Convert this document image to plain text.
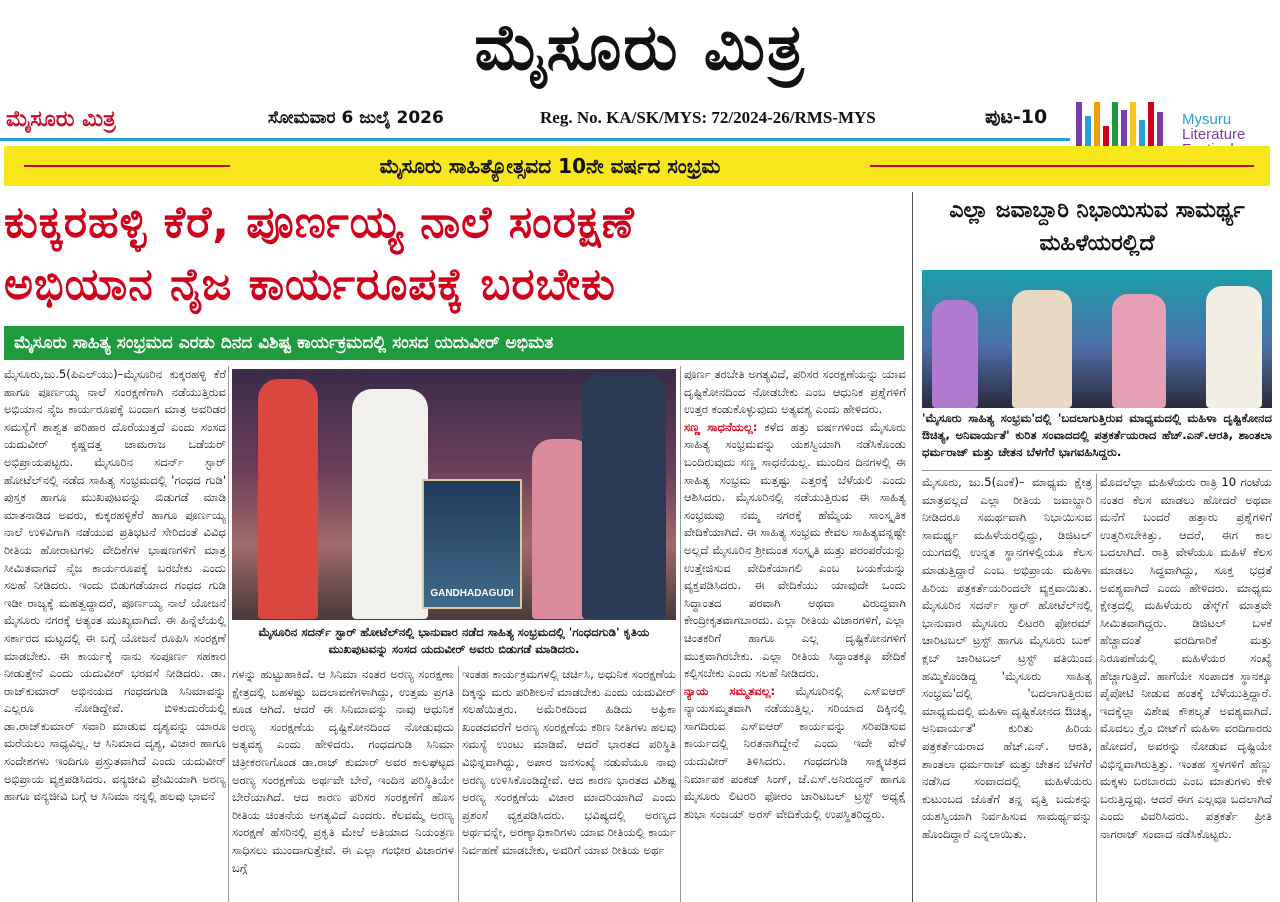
ಮೈಸೂರು ಮಿತ್ರ
ಮೈಸೂರು ಮಿತ್ರ	ಸೋಮವಾರ 6 ಜುಲೈ 2026	Reg. No. KA/SK/MYS: 72/2024-26/RMS-MYS	ಪುಟ-10	Mysuru
Literature
ಮೈಸೂರು ಸಾಹಿತ್ಯೋತ್ಸವದ 10ನೇ ವರ್ಷದ ಸಂಭ್ರಮ
ಕುಕ್ಕರಹಳ್ಳಿ ಕೆರೆ, ಪೂರ್ಣಯ್ಯ ನಾಲೆ ಸಂರಕ್ಷಣೆ
ಅಭಿಯಾನ ನೈಜ ಕಾರ್ಯರೂಪಕ್ಕೆ ಬರಬೇಕು
ಮೈಸೂರು ಸಾಹಿತ್ಯ ಸಂಭ್ರಮದ ಎರಡು ದಿನದ ವಿಶಿಷ್ಟ ಕಾರ್ಯಕ್ರಮದಲ್ಲಿ ಸಂಸದ ಯದುವೀರ್ ಅಭಿಮತ

ಮೈಸೂರು,ಜು.5(ಪಿಎಲ್‌ಯು)–ಮೈಸೂರಿನ ಕುಕ್ಕರಹಳ್ಳಿ ಕೆರೆ ಹಾಗೂ ಪೂರ್ಣಯ್ಯ ನಾಲೆ ಸಂರಕ್ಷಣೆಗಾಗಿ ನಡೆಯುತ್ತಿರುವ ಅಭಿಯಾನ ನೈಜ ಕಾರ್ಯರೂಪಕ್ಕೆ ಬಂದಾಗ ಮಾತ್ರ ಅವರಿಡರ ಸಮಸ್ಯೆಗೆ ಶಾಶ್ವತ ಪರಿಹಾರ ದೊರೆಯುತ್ತದೆ ಎಂದು ಸಂಸದ ಯದುವೀರ್ ಕೃಷ್ಣದತ್ತ ಚಾಮರಾಜ ಒಡೆಯರ್ ಅಭಿಪ್ರಾಯಪಟ್ಟರು. ಮೈಸೂರಿನ ಸದರ್ನ್ ಸ್ಟಾರ್ ಹೋಟೆಲ್‌ನಲ್ಲಿ ನಡೆದ ಸಾಹಿತ್ಯ ಸಂಭ್ರಮದಲ್ಲಿ 'ಗಂಧದ ಗುಡಿ' ಪುಸ್ತಕ ಹಾಗೂ ಮುಖಪುಟವನ್ನು ಬಿಡುಗಡೆ ಮಾಡಿ ಮಾತನಾಡಿದ ಅವರು, ಕುಕ್ಕರಹಳ್ಳಿಕೆರೆ ಹಾಗೂ ಪೂರ್ಣಯ್ಯ ನಾಲೆ ಉಳಿವಿಗಾಗಿ ನಡೆಯುವ ಪ್ರತಿಭಟನೆ ಸೇರಿದಂತೆ ವಿವಿಧ ರೀತಿಯ ಹೋರಾಟಗಳು ವೇದಿಕೆಗಳ ಭಾಷಣಗಳಿಗೆ ಮಾತ್ರ ಸೀಮಿತವಾಗದೆ ನೈಜ ಕಾರ್ಯರೂಪಕ್ಕೆ ಬರಬೇಕು ಎಂದು ಸಲಹೆ ನೀಡಿದರು. ಇಂದು ಬಿಡುಗಡೆಯಾದ ಗಂಧದ ಗುಡಿ ಇಡೀ ರಾಜ್ಯಕ್ಕೆ ಮಹತ್ವದ್ದಾದರೆ, ಪೂರ್ಣಯ್ಯ ನಾಲೆ ಯೋಜನೆ ಮೈಸೂರು ನಗರಕ್ಕೆ ಅತ್ಯಂತ ಮುಖ್ಯವಾಗಿದೆ. ಈ ಹಿನ್ನೆಲೆಯಲ್ಲಿ ಸರ್ಕಾರದ ಮಟ್ಟದಲ್ಲಿ ಈ ಬಗ್ಗೆ ಯೋಜನೆ ರೂಪಿಸಿ ಸಂರಕ್ಷಣೆ ಮಾಡಬೇಕು. ಈ ಕಾರ್ಯಕ್ಕೆ ನಾನು ಸಂಪೂರ್ಣ ಸಹಕಾರ ನೀಡುತ್ತೇನೆ ಎಂದು ಯದುವೀರ್ ಭರವಸೆ ನೀಡಿದರು. ಡಾ. ರಾಜ್‌ಕುಮಾರ್ ಅಭಿನಯದ ಗಂಧದಗುಡಿ ಸಿನಿಮಾವನ್ನು ಎಲ್ಲರೂ ನೋಡಿದ್ದೇವೆ. ಬಿಳಿಕುದುರೆಯಲ್ಲಿ ಡಾ.ರಾಜ್‌ಕುಮಾರ್ ಸವಾರಿ ಮಾಡುವ ದೃಶ್ಯವನ್ನು ಯಾರೂ ಮರೆಯಲು ಸಾಧ್ಯವಿಲ್ಲ. ಆ ಸಿನಿಮಾದ ದೃಶ್ಯ, ವಿಚಾರ ಹಾಗೂ ಸಂದೇಶಗಳು ಇಂದಿಗೂ ಪ್ರಸ್ತುತವಾಗಿದೆ ಎಂದು ಯದುವೀರ್ ಅಭಿಪ್ರಾಯ ವ್ಯಕ್ತಪಡಿಸಿದರು. ವನ್ಯಜೀವಿ ಪ್ರೇಮಿಯಾಗಿ ಅರಣ್ಯ ಹಾಗೂ ವನ್ಯಜೀವಿ ಬಗ್ಗೆ ಆ ಸಿನಿಮಾ ನನ್ನಲ್ಲಿ ಹಲವು ಭಾವನೆ

GANDHADAGUDI
ಮೈಸೂರಿನ ಸದರ್ನ್ ಸ್ಟಾರ್ ಹೋಟೆಲ್‌ನಲ್ಲಿ ಭಾನುವಾರ ನಡೆದ ಸಾಹಿತ್ಯ ಸಂಭ್ರಮದಲ್ಲಿ 'ಗಂಧದಗುಡಿ' ಕೃತಿಯ ಮುಖಪುಟವನ್ನು ಸಂಸದ ಯದುವೀರ್ ಅವರು ಬಿಡುಗಡೆ ಮಾಡಿದರು.

ಗಳನ್ನು ಹುಟ್ಟುಹಾಕಿದೆ. ಆ ಸಿನಿಮಾ ನಂತರ ಅರಣ್ಯ ಸಂರಕ್ಷಣಾ ಕ್ಷೇತ್ರದಲ್ಲಿ ಬಹಳಷ್ಟು ಬದಲಾವಣೆಗಳಾಗಿದ್ದು, ಉತ್ತಮ ಪ್ರಗತಿ ಕೂಡ ಆಗಿದೆ. ಆದರೆ ಈ ಸಿನಿಮಾವನ್ನು ನಾವು ಆಧುನಿಕ ಅರಣ್ಯ ಸಂರಕ್ಷಣೆಯ ದೃಷ್ಟಿಕೋನದಿಂದ ನೋಡುವುದು ಅತ್ಯವಶ್ಯ ಎಂದು ಹೇಳಿದರು. ಗಂಧದಗುಡಿ ಸಿನಿಮಾ ಚಿತ್ರೀಕರಣಗೊಂಡ ಡಾ.ರಾಜ್ ಕುಮಾರ್ ಅವರ ಕಾಲಘಟ್ಟದ ಅರಣ್ಯ ಸಂರಕ್ಷಣೆಯ ಅರ್ಥವೇ ಬೇರೆ, ಇಂದಿನ ಪರಿಸ್ಥಿತಿಯೇ ಬೇರೆಯಾಗಿದೆ. ಆದ ಕಾರಣ ಪರಿಸರ ಸಂರಕ್ಷಣೆಗೆ ಹೊಸ ರೀತಿಯ ಚಿಂತನೆಯ ಅಗತ್ಯವಿದೆ ಎಂದರು. ಕೆಲವಮ್ಮೆ ಅರಣ್ಯ ಸಂರಕ್ಷಣೆ ಹೆಸರಿನಲ್ಲಿ ಪ್ರಕೃತಿ ಮೇಲೆ ಅತಿಯಾದ ನಿಯಂತ್ರಣ ಸಾಧಿಸಲು ಮುಂದಾಗುತ್ತೇವೆ. ಈ ಎಲ್ಲಾ ಗಂಭೀರ ವಿಚಾರಗಳ ಬಗ್ಗೆ

ಇಂತಹ ಕಾರ್ಯಕ್ರಮಗಳಲ್ಲಿ ಚರ್ಚಿಸಿ, ಅಧುನಿಕ ಸಂರಕ್ಷಣೆಯ ದಿಕ್ಕನ್ನು ಮರು ಪರಿಶೀಲನೆ ಮಾಡಬೇಕು ಎಂದು ಯದುವೀರ್ ಸಲಹೆಯಿತ್ತರು. ಅಮೆರಿಕದಿಂದ ಹಿಡಿದು ಅಫ್ರಿಕಾ ಖಂಡದವರೆಗೆ ಅರಣ್ಯ ಸಂರಕ್ಷಣೆಯ ಕಠಿಣ ನೀತಿಗಳು ಹಲವು ಸಮಸ್ಯೆ ಉಂಟು ಮಾಡಿವೆ. ಆದರೆ ಭಾರತದ ಪರಿಸ್ಥಿತಿ ವಿಭಿನ್ನವಾಗಿದ್ದು, ಅಪಾರ ಜನಸಂಖ್ಯೆ ನಡುವೆಯೂ ನಾವು ಅರಣ್ಯ ಉಳಿಸಿಕೊಂಡಿದ್ದೇವೆ. ಆದ ಕಾರಣ ಭಾರತದ ವಿಶಿಷ್ಟ ಅರಣ್ಯ ಸಂರಕ್ಷಣೆಯ ವಿಚಾರ ಮಾದರಿಯಾಗಿದೆ ಎಂದು ಪ್ರಶಂಸೆ ವ್ಯಕ್ತಪಡಿಸಿದರು. ಭವಿಷ್ಯದಲ್ಲಿ ಅರಣ್ಯದ ಅರ್ಥವನ್ನೇ, ಅರಣ್ಯಾಧಿಕಾರಿಗಳು ಯಾವ ರೀತಿಯಲ್ಲಿ ಕಾರ್ಯ ನಿರ್ವಹಣೆ ಮಾಡಬೇಕು, ಅವರಿಗೆ ಯಾವ ರೀತಿಯ ಅರ್ಥ

ಪೂರ್ಣ ತರಬೇತಿ ಅಗತ್ಯವಿದೆ, ಪರಿಸರ ಸಂರಕ್ಷಣೆಯನ್ನು ಯಾವ ದೃಷ್ಟಿಕೋನದಿಂದ ನೋಡಬೇಕು ಎಂಬ ಆಧುನಿಕ ಪ್ರಶ್ನೆಗಳಿಗೆ ಉತ್ತರ ಕಂಡುಕೊಳ್ಳುವುದು ಅತ್ಯವಶ್ಯ ಎಂದು ಹೇಳಿದರು.

ಸಣ್ಣ ಸಾಧನೆಯಲ್ಲ: ಕಳೆದ ಹತ್ತು ವರ್ಷಗಳಿಂದ ಮೈಸೂರು ಸಾಹಿತ್ಯ ಸಂಭ್ರಮವನ್ನು ಯಶಸ್ವಿಯಾಗಿ ನಡೆಸಿಕೊಂಡು ಬಂದಿರುವುದು ಸಣ್ಣ ಸಾಧನೆಯಲ್ಲ. ಮುಂದಿನ ದಿನಗಳಲ್ಲಿ ಈ ಸಾಹಿತ್ಯ ಸಂಭ್ರಮ ಮತ್ತಷ್ಟು ಎತ್ತರಕ್ಕೆ ಬೆಳೆಯಲಿ ಎಂದು ಆಶಿಸಿದರು. ಮೈಸೂರಿನಲ್ಲಿ ನಡೆಯುತ್ತಿರುವ ಈ ಸಾಹಿತ್ಯ ಸಂಭ್ರಮವು ನಮ್ಮ ನಗರಕ್ಕೆ ಹೆಮ್ಮೆಯ ಸಾಂಸ್ಕೃತಿಕ ವೇದಿಕೆಯಾಗಿದೆ. ಈ ಸಾಹಿತ್ಯ ಸಂಭ್ರಮ ಕೇವಲ ಸಾಹಿತ್ಯವನ್ನಷ್ಟೇ ಅಲ್ಲದೆ ಮೈಸೂರಿನ ಶ್ರೀಮಂತ ಸಂಸ್ಕೃತಿ ಮತ್ತು ಪರಂಪರೆಯನ್ನು ಉತ್ತೇಜಿಸುವ ವೇದಿಕೆಯಾಗಲಿ ಎಂಬ ಬಯಕೆಯನ್ನು ವ್ಯಕ್ತಪಡಿಸಿದರು. ಈ ವೇದಿಕೆಯು ಯಾವುದೇ ಒಂದು ಸಿದ್ಧಾಂತದ ಪರವಾಗಿ ಅಥವಾ ವಿರುದ್ಧವಾಗಿ ಕೇಂದ್ರೀಕೃತವಾಗಬಾರದು. ಎಲ್ಲಾ ರೀತಿಯ ವಿಚಾರಗಳಿಗೆ, ಎಲ್ಲಾ ಚಿಂತಕರಿಗೆ ಹಾಗೂ ಎಲ್ಲ ದೃಷ್ಟಿಕೋನಗಳಿಗೆ ಮುಕ್ತವಾಗಿರಬೇಕು. ಎಲ್ಲಾ ರೀತಿಯ ಸಿದ್ಧಾಂತಕ್ಕೂ ವೇದಿಕೆ ಕಲ್ಪಿಸಬೇಕು ಎಂದು ಸಲಹೆ ನೀಡಿದರು.

ನ್ಯಾಯ ಸಮ್ಮತವಲ್ಲ: ಮೈಸೂರಿನಲ್ಲಿ ಎಸ್‌ಐಆರ್ ನ್ಯಾಯಸಮ್ಮತವಾಗಿ ನಡೆಯುತ್ತಿಲ್ಲ. ಸರಿಯಾದ ದಿಕ್ಕಿನಲ್ಲಿ ಸಾಗದಿರುವ ಎಸ್‌ಐಆರ್ ಕಾರ್ಯವನ್ನು ಸರಿಪಡಿಸುವ ಕಾರ್ಯದಲ್ಲಿ ನಿರತನಾಗಿದ್ದೇನೆ ಎಂದು ಇದೇ ವೇಳೆ ಯದುವೀರ್ ತಿಳಿಸಿದರು. ಗಂಧದಗುಡಿ ಸಾಕ್ಷ್ಯಚಿತ್ರದ ನಿರ್ಮಾಪಕ ಪಂಕಜ್ ಸಿಂಗ್, ಜೆ.ಎಸ್.ಅನಿರುದ್ಧನ್ ಹಾಗೂ ಮೈಸೂರು ಲಿಟರರಿ ಫೋರಂ ಚಾರಿಟಬಲ್ ಟ್ರಸ್ಟ್ ಅಧ್ಯಕ್ಷೆ ಶುಭಾ ಸಂಜಯ್ ಅರಸ್ ವೇದಿಕೆಯಲ್ಲಿ ಉಪಸ್ಥಿತರಿದ್ದರು.

ಎಲ್ಲಾ ಜವಾಬ್ದಾರಿ ನಿಭಾಯಿಸುವ ಸಾಮರ್ಥ್ಯ ಮಹಿಳೆಯರಲ್ಲಿದೆ
'ಮೈಸೂರು ಸಾಹಿತ್ಯ ಸಂಭ್ರಮ'ದಲ್ಲಿ 'ಬದಲಾಗುತ್ತಿರುವ ಮಾಧ್ಯಮದಲ್ಲಿ ಮಹಿಳಾ ದೃಷ್ಟಿಕೋನದ ಔಚಿತ್ಯ, ಅನಿವಾರ್ಯತೆ' ಕುರಿತ ಸಂವಾದದಲ್ಲಿ ಪತ್ರಕರ್ತೆಯರಾದ ಹೆಚ್.ಎನ್.ಆರತಿ, ಶಾಂತಲಾ ಧರ್ಮರಾಜ್ ಮತ್ತು ಚೇತನ ಬೆಳಗೆರೆ ಭಾಗವಹಿಸಿದ್ದರು.

ಮೈಸೂರು, ಜು.5(ಎಂಕೆ)– ಮಾಧ್ಯಮ ಕ್ಷೇತ್ರ ಮಾತ್ರವಲ್ಲದೆ ಎಲ್ಲಾ ರೀತಿಯ ಜವಾಬ್ದಾರಿ ನೀಡಿದರೂ ಸಮರ್ಥವಾಗಿ ನಿಭಾಯಿಸುವ ಸಾಮರ್ಥ್ಯ ಮಹಿಳೆಯರಲ್ಲಿದ್ದು, ಡಿಜಿಟಲ್ ಯುಗದಲ್ಲಿ ಉನ್ನತ ಸ್ಥಾನಗಳಲ್ಲಿಯೂ ಕೆಲಸ ಮಾಡುತ್ತಿದ್ದಾರೆ ಎಂಬ ಅಭಿಪ್ರಾಯ ಮಹಿಳಾ ಹಿರಿಯ ಪತ್ರಕರ್ತೆಯರಿಂದಲೇ ವ್ಯಕ್ತವಾಯಿತು. ಮೈಸೂರಿನ ಸದರ್ನ್ ಸ್ಟಾರ್ ಹೋಟೆಲ್‌ನಲ್ಲಿ ಭಾನುವಾರ ಮೈಸೂರು ಲಿಟರರಿ ಫೋರಮ್ ಚಾರಿಟಬಲ್ ಟ್ರಸ್ಟ್ ಹಾಗೂ ಮೈಸೂರು ಬುಕ್ ಕ್ಲಬ್ ಚಾರಿಟಬಲ್ ಟ್ರಸ್ಟ್ ವತಿಯಿಂದ ಹಮ್ಮಿಕೊಂಡಿದ್ದ 'ಮೈಸೂರು ಸಾಹಿತ್ಯ ಸಂಭ್ರಮ'ದಲ್ಲಿ 'ಬದಲಾಗುತ್ತಿರುವ ಮಾಧ್ಯಮದಲ್ಲಿ ಮಹಿಳಾ ದೃಷ್ಟಿಕೋನದ ಔಚಿತ್ಯ, ಅನಿವಾರ್ಯತೆ' ಕುರಿತು ಹಿರಿಯ ಪತ್ರಕರ್ತೆಯರಾದ ಹೆಚ್.ಎನ್. ಆರತಿ, ಶಾಂತಲಾ ಧರ್ಮರಾಜ್ ಮತ್ತು ಚೇತನ ಬೆಳಗೆರೆ ನಡೆಸಿದ ಸಂವಾದದಲ್ಲಿ ಮಹಿಳೆಯರು ಕುಟುಂಬದ ಜೊತೆಗೆ ತನ್ನ ವೃತ್ತಿ ಬದುಕನ್ನು ಯಶಸ್ವಿಯಾಗಿ ನಿರ್ವಹಿಸುವ ಸಾಮರ್ಥ್ಯವನ್ನು ಹೊಂದಿದ್ದಾರೆ ಎನ್ನಲಾಯಿತು.

ಮೊದಲೆಲ್ಲಾ ಮಹಿಳೆಯರು ರಾತ್ರಿ 10 ಗಂಟೆಯ ನಂತರ ಕೆಲಸ ಮಾಡಲು ಹೋದರೆ ಅಥವಾ ಮನೆಗೆ ಬಂದರೆ ಹತ್ತಾರು ಪ್ರಶ್ನೆಗಳಿಗೆ ಉತ್ತರಿಸಬೇಕಿತ್ತು. ಆದರೆ, ಈಗ ಕಾಲ ಬದಲಾಗಿದೆ. ರಾತ್ರಿ ವೇಳೆಯೂ ಮಹಿಳೆ ಕೆಲಸ ಮಾಡಲು ಸಿದ್ಧವಾಗಿದ್ದು, ಸೂಕ್ತ ಭದ್ರತೆ ಅವಶ್ಯವಾಗಿದೆ ಎಂದು ಹೇಳಿದರು. ಮಾಧ್ಯಮ ಕ್ಷೇತ್ರದಲ್ಲಿ ಮಹಿಳೆಯರು ಡೆಸ್ಕ್‌ಗೆ ಮಾತ್ರವೇ ಸೀಮಿತವಾಗಿದ್ದರು. ಡಿಜಿಟಲ್ ಬಳಕೆ ಹೆಚ್ಚಾದಂತೆ ವರದಿಗಾರಿಕೆ ಮತ್ತು ನಿರೂಪಣೆಯಲ್ಲಿ ಮಹಿಳೆಯರ ಸಂಖ್ಯೆ ಹೆಚ್ಚಾಗುತ್ತಿದೆ. ಹಾಗೆಯೇ ಸಂಪಾದಕ ಸ್ಥಾನಕ್ಕೂ ಪೈಪೋಟಿ ನೀಡುವ ಹಂತಕ್ಕೆ ಬೆಳೆಯುತ್ತಿದ್ದಾರೆ. ಇದಕ್ಕೆಲ್ಲಾ ವಿಶೇಷ ಕೌಶಲ್ಯತೆ ಅವಶ್ಯವಾಗಿದೆ. ಮೊದಲು ಕ್ರೈಂ ಬೀಟ್‌ಗೆ ಮಹಿಳಾ ವರದಿಗಾರರು ಹೋದರೆ, ಅವರನ್ನು ನೋಡುವ ದೃಷ್ಟಿಯೇ ವಿಭಿನ್ನವಾಗಿರುತ್ತಿತ್ತು. ಇಂತಹ ಸ್ಥಳಗಳಿಗೆ ಹೆಣ್ಣು ಮಕ್ಕಳು ಬರಬಾರದು ಎಂಬ ಮಾತುಗಳು ಕೇಳಿ ಬರುತ್ತಿದ್ದವು. ಆದರೆ ಈಗ ಎಲ್ಲವೂ ಬದಲಾಗಿದೆ ಎಂದು ವಿವರಿಸಿದರು. ಪತ್ರಕರ್ತೆ ಪ್ರೀತಿ ನಾಗರಾಜ್ ಸಂವಾದ ನಡೆಸಿಕೊಟ್ಟರು.
